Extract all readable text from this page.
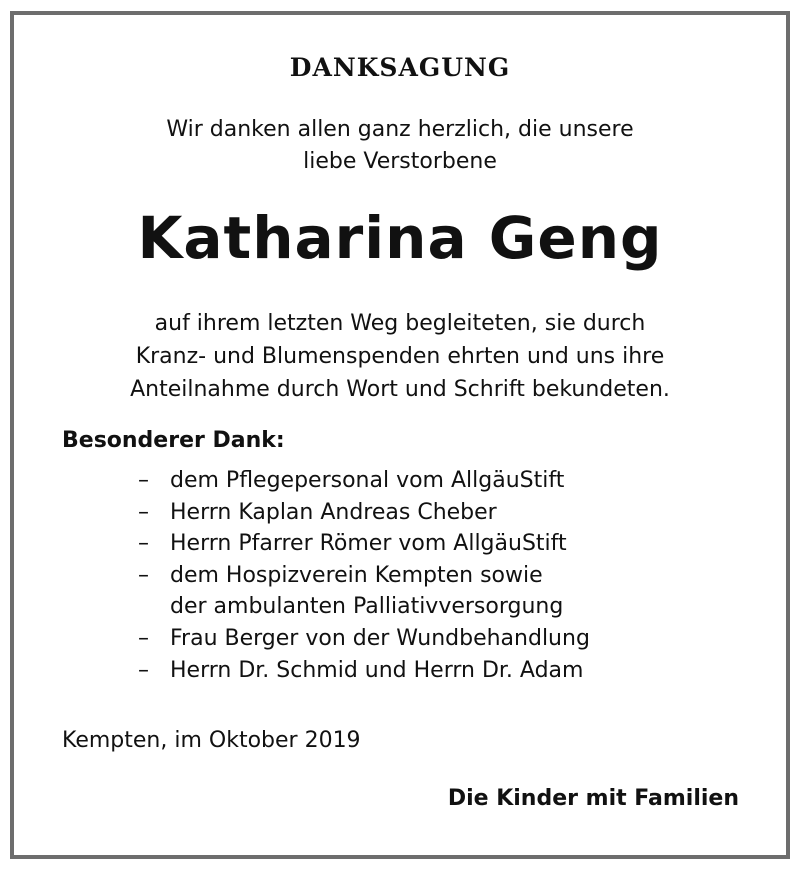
DANKSAGUNG
Wir danken allen ganz herzlich, die unsere
liebe Verstorbene
Katharina Geng
auf ihrem letzten Weg begleiteten, sie durch
Kranz- und Blumenspenden ehrten und uns ihre
Anteilnahme durch Wort und Schrift bekundeten.
Besonderer Dank:
– dem Pflegepersonal vom AllgäuStift
– Herrn Kaplan Andreas Cheber
– Herrn Pfarrer Römer vom AllgäuStift
– dem Hospizverein Kempten sowie
der ambulanten Palliativversorgung
– Frau Berger von der Wundbehandlung
– Herrn Dr. Schmid und Herrn Dr. Adam
Kempten, im Oktober 2019
Die Kinder mit Familien
